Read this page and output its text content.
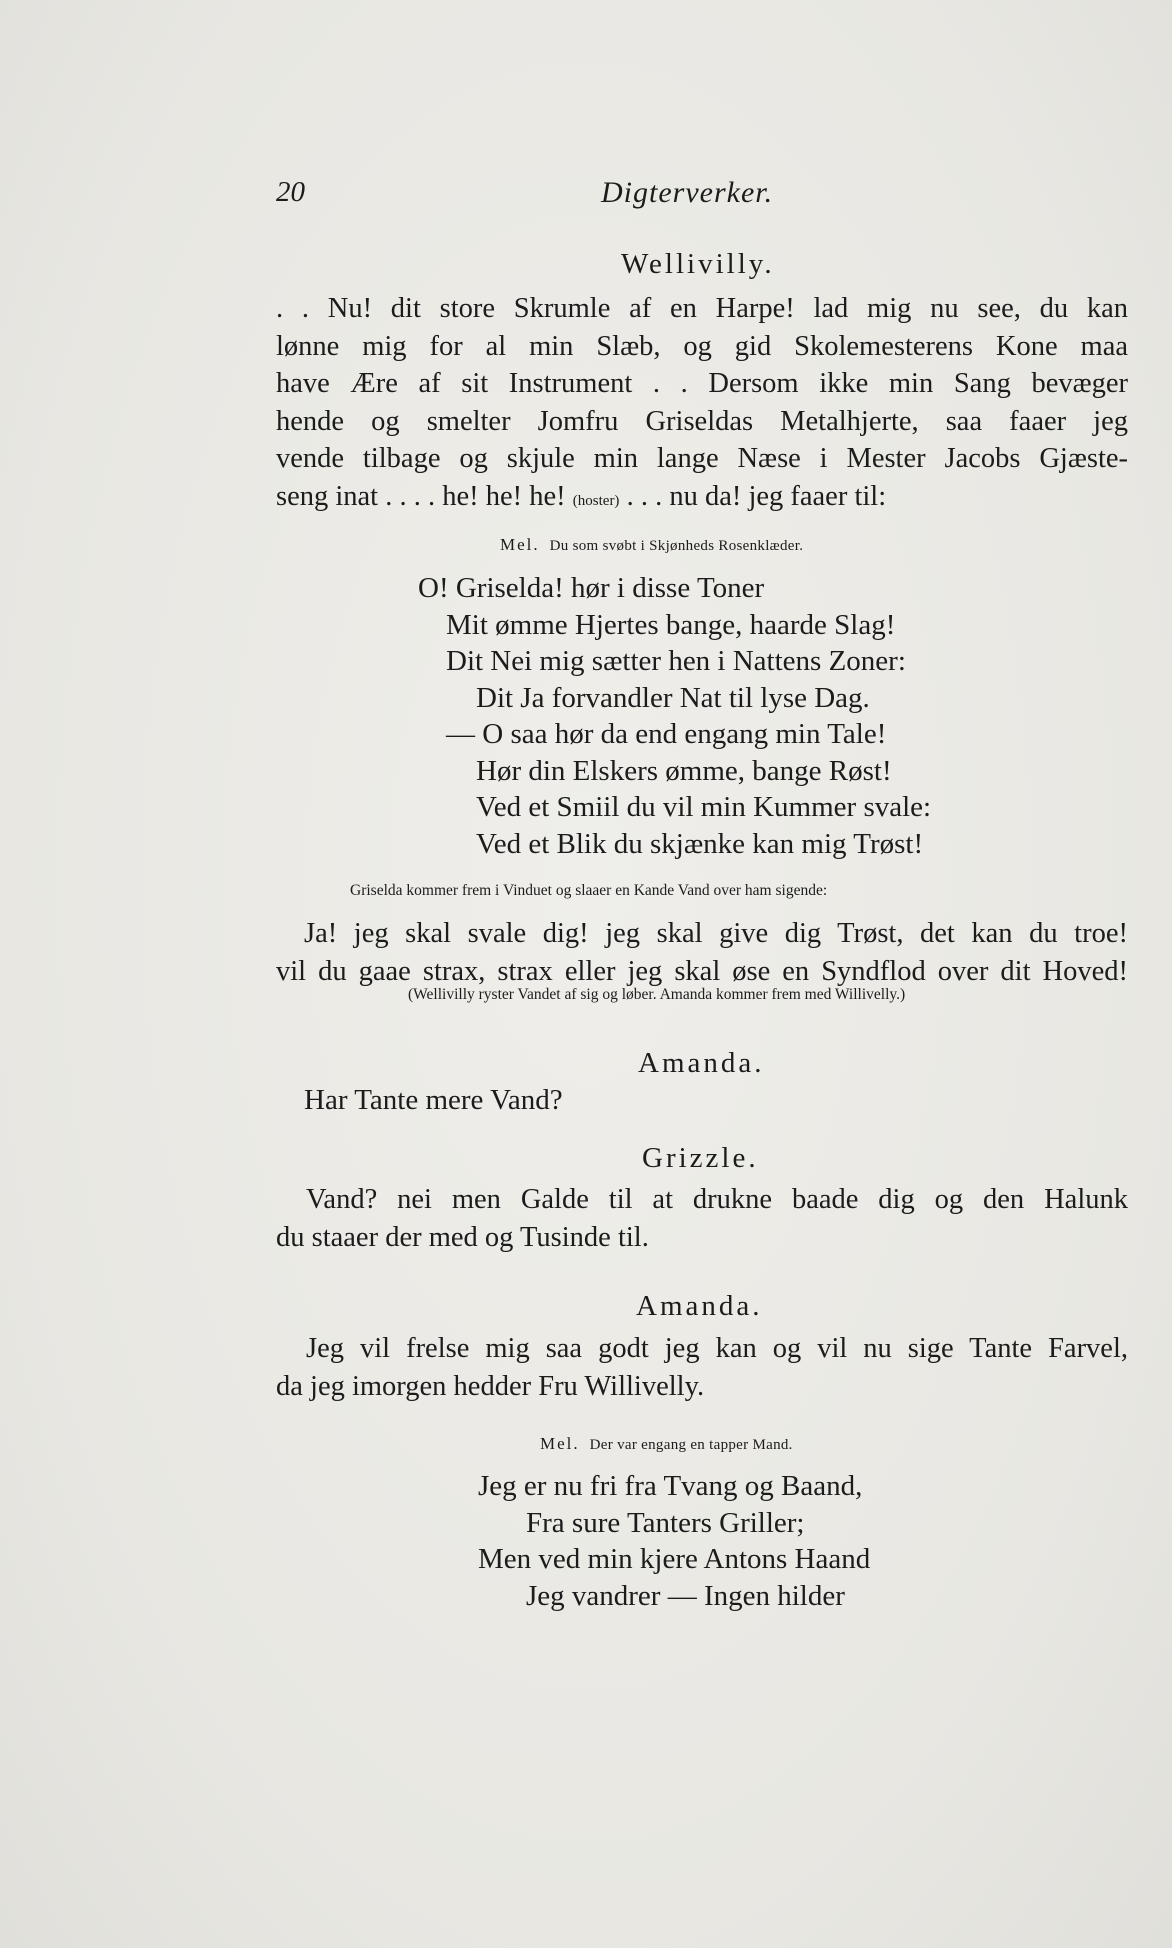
20	Digterverker.
Wellivilly.
. . Nu! dit store Skrumle af en Harpe! lad mig nu see, du kan
lønne mig for al min Slæb, og gid Skolemesterens Kone maa
have Ære af sit Instrument . . Dersom ikke min Sang bevæger
hende og smelter Jomfru Griseldas Metalhjerte, saa faaer jeg
vende tilbage og skjule min lange Næse i Mester Jacobs Gjæste-
seng inat . . . . he! he! he! (hoster) . . . nu da! jeg faaer til:
Mel. Du som svøbt i Skjønheds Rosenklæder.
O! Griselda! hør i disse Toner
Mit ømme Hjertes bange, haarde Slag!
Dit Nei mig sætter hen i Nattens Zoner:
Dit Ja forvandler Nat til lyse Dag.
— O saa hør da end engang min Tale!
Hør din Elskers ømme, bange Røst!
Ved et Smiil du vil min Kummer svale:
Ved et Blik du skjænke kan mig Trøst!
Griselda kommer frem i Vinduet og slaaer en Kande Vand over ham sigende:
Ja! jeg skal svale dig! jeg skal give dig Trøst, det kan du troe!
vil du gaae strax, strax eller jeg skal øse en Syndflod over dit Hoved!
(Wellivilly ryster Vandet af sig og løber. Amanda kommer frem med Willivelly.)
Amanda.
Har Tante mere Vand?
Grizzle.
Vand? nei men Galde til at drukne baade dig og den Halunk
du staaer der med og Tusinde til.
Amanda.
Jeg vil frelse mig saa godt jeg kan og vil nu sige Tante Farvel,
da jeg imorgen hedder Fru Willivelly.
Mel. Der var engang en tapper Mand.
Jeg er nu fri fra Tvang og Baand,
Fra sure Tanters Griller;
Men ved min kjere Antons Haand
Jeg vandrer — Ingen hilder
